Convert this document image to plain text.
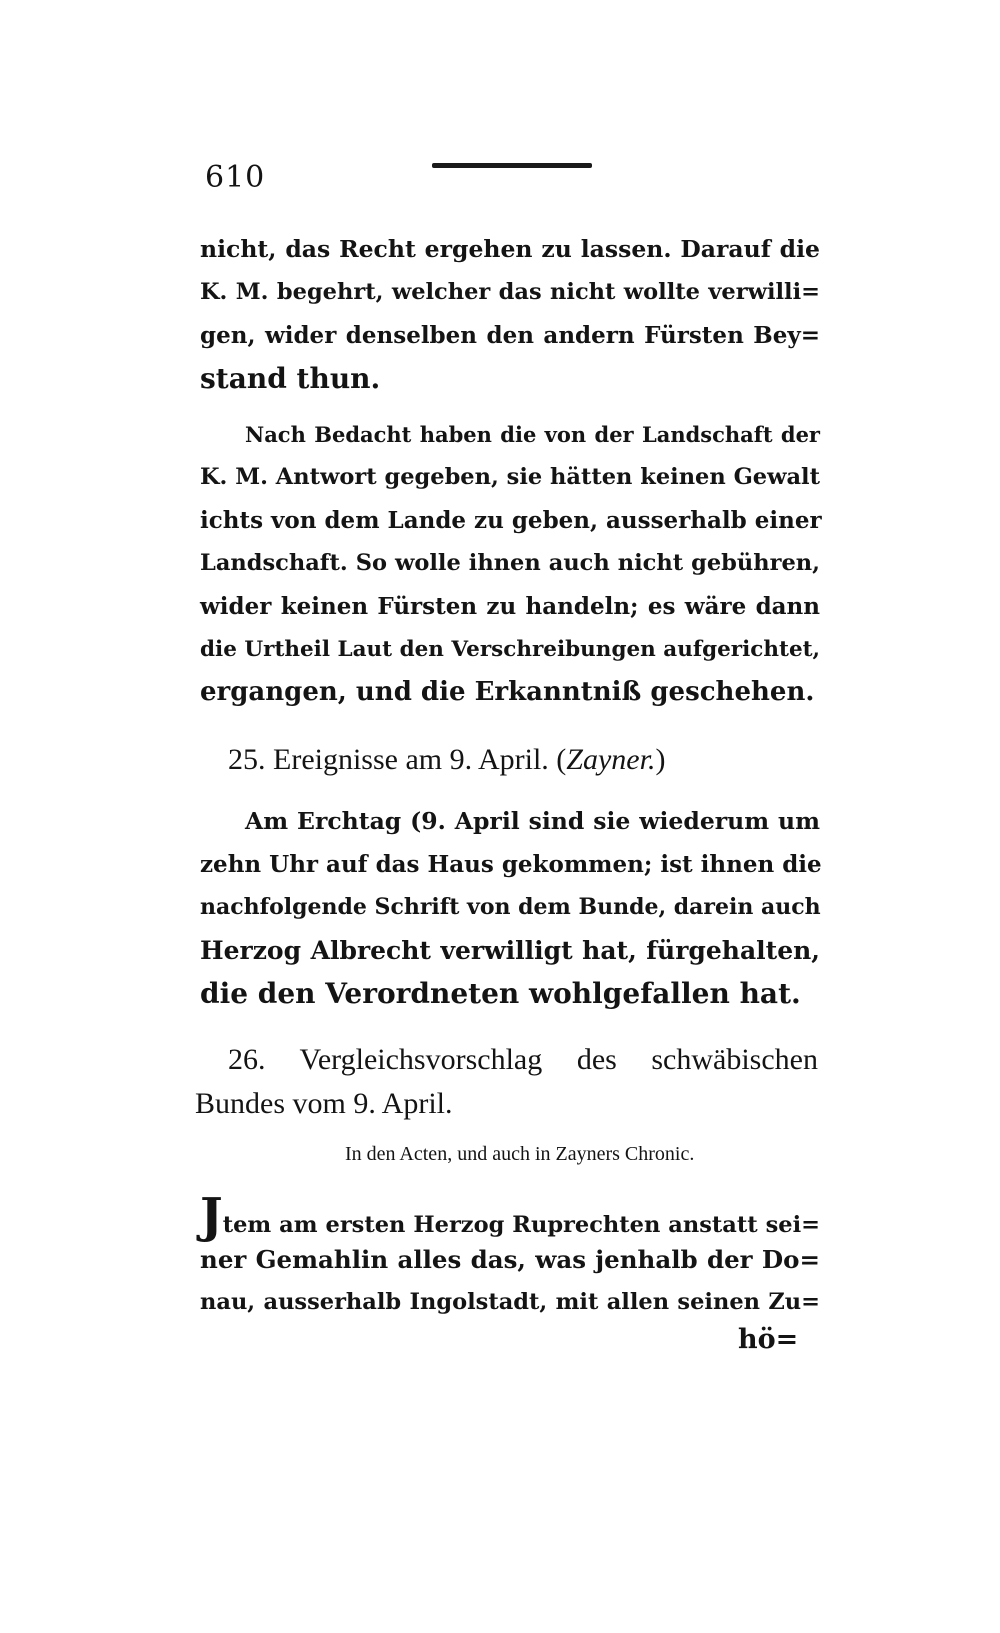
610
nicht, das Recht ergehen zu lassen. Darauf die
K. M. begehrt, welcher das nicht wollte verwilli=
gen, wider denselben den andern Fürsten Bey=
stand thun.
Nach Bedacht haben die von der Landschaft der
K. M. Antwort gegeben, sie hätten keinen Gewalt
ichts von dem Lande zu geben, ausserhalb einer
Landschaft. So wolle ihnen auch nicht gebühren,
wider keinen Fürsten zu handeln; es wäre dann
die Urtheil Laut den Verschreibungen aufgerichtet,
ergangen, und die Erkanntniß geschehen.
25. Ereignisse am 9. April. (Zayner.)
Am Erchtag (9. April sind sie wiederum um
zehn Uhr auf das Haus gekommen; ist ihnen die
nachfolgende Schrift von dem Bunde, darein auch
Herzog Albrecht verwilligt hat, fürgehalten,
die den Verordneten wohlgefallen hat.
26. Vergleichsvorschlag des schwäbischen
Bundes vom 9. April.
In den Acten, und auch in Zayners Chronic.
Jtem am ersten Herzog Ruprechten anstatt sei=
ner Gemahlin alles das, was jenhalb der Do=
nau, ausserhalb Ingolstadt, mit allen seinen Zu=
hö=
